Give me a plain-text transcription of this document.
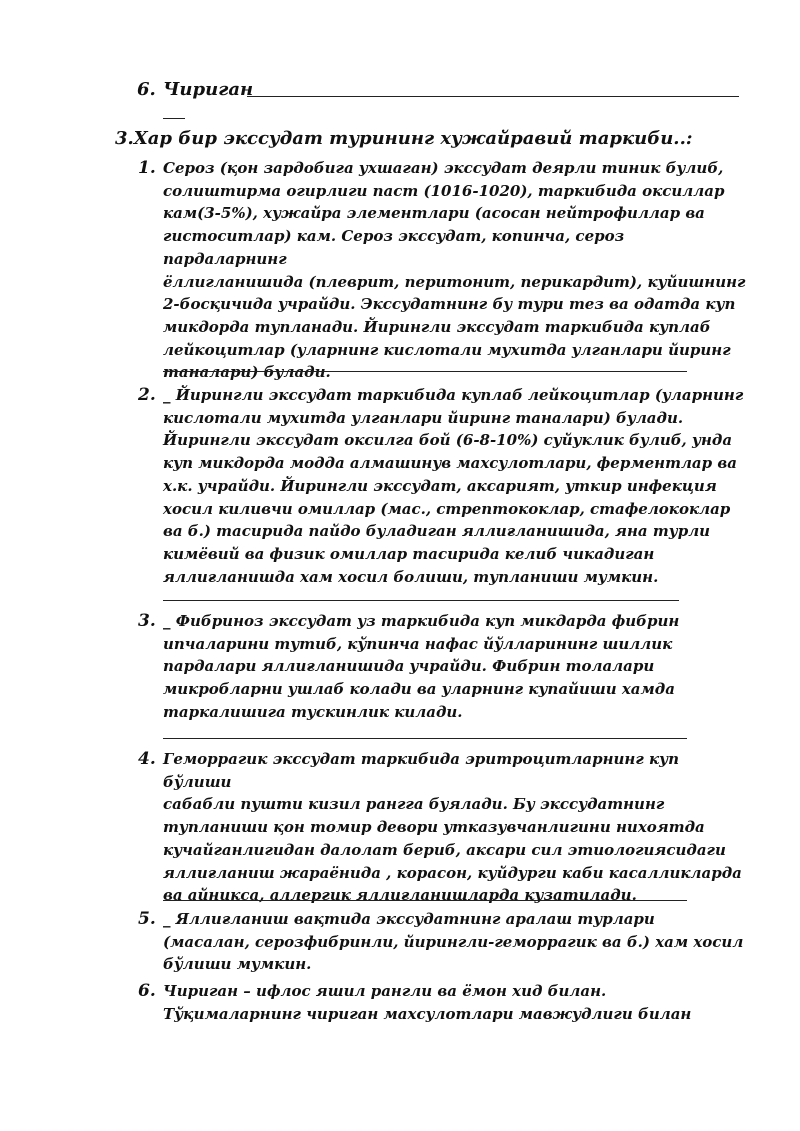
6. Чириган
3.Хар бир экссудат турининг хужайравий таркиби..:
1. Сероз (қон зардобига ухшаган) экссудат деярли тиник булиб,
солиштирма огирлиги паст (1016-1020), таркибида оксиллар
кам(3-5%), хужайра элементлари (асосан нейтрофиллар ва
гистоситлар) кам. Сероз экссудат, копинча, сероз пардаларнинг
ёллигланишида (плеврит, перитонит, перикардит), куйишнинг
2-босқичида учрайди. Экссудатнинг бу тури тез ва одатда куп
микдорда тупланади. Йирингли экссудат таркибида куплаб
лейкоцитлар (уларнинг кислотали мухитда улганлари йиринг
таналари) булади.
2. _ Йирингли экссудат таркибида куплаб лейкоцитлар (уларнинг
кислотали мухитда улганлари йиринг таналари) булади.
Йирингли экссудат оксилга бой (6-8-10%) суйуклик булиб, унда
куп микдорда модда алмашинув махсулотлари, ферментлар ва
х.к. учрайди. Йирингли экссудат, аксарият, уткир инфекция
хосил киливчи омиллар (мас., стрептококлар, стафелококлар
ва б.) тасирида пайдо буладиган яллиғланишида, яна турли
кимёвий ва физик омиллар тасирида келиб чикадиган
яллиғланишда хам хосил болиши, тупланиши мумкин.
3. _ Фибриноз экссудат уз таркибида куп микдарда фибрин
ипчаларини тутиб, кўпинча нафас йўлларининг шиллик
пардалари яллиғланишида учрайди. Фибрин толалари
микробларни ушлаб колади ва уларнинг купайиши хамда
таркалишига тускинлик килади.
4. Геморрагик экссудат таркибида эритроцитларнинг куп бўлиши
сабабли пушти кизил рангга буялади. Бу экссудатнинг
тупланиши қон томир девори утказувчанлигини нихоятда
кучайганлигидан далолат бериб, аксари сил этиологиясидаги
яллиғланиш жараёнида , корасон, куйдурги каби касалликларда
ва айникса, аллергик яллиғланишларда кузатилади.
5. _ Яллиғланиш вақтида экссудатнинг аралаш турлари
(масалан, серозфибринли, йирингли-геморрагик ва б.) хам хосил
бўлиши мумкин.
6. Чириган – ифлос яшил рангли ва ёмон хид билан.
Тўқималарнинг чириган махсулотлари мавжудлиги билан
